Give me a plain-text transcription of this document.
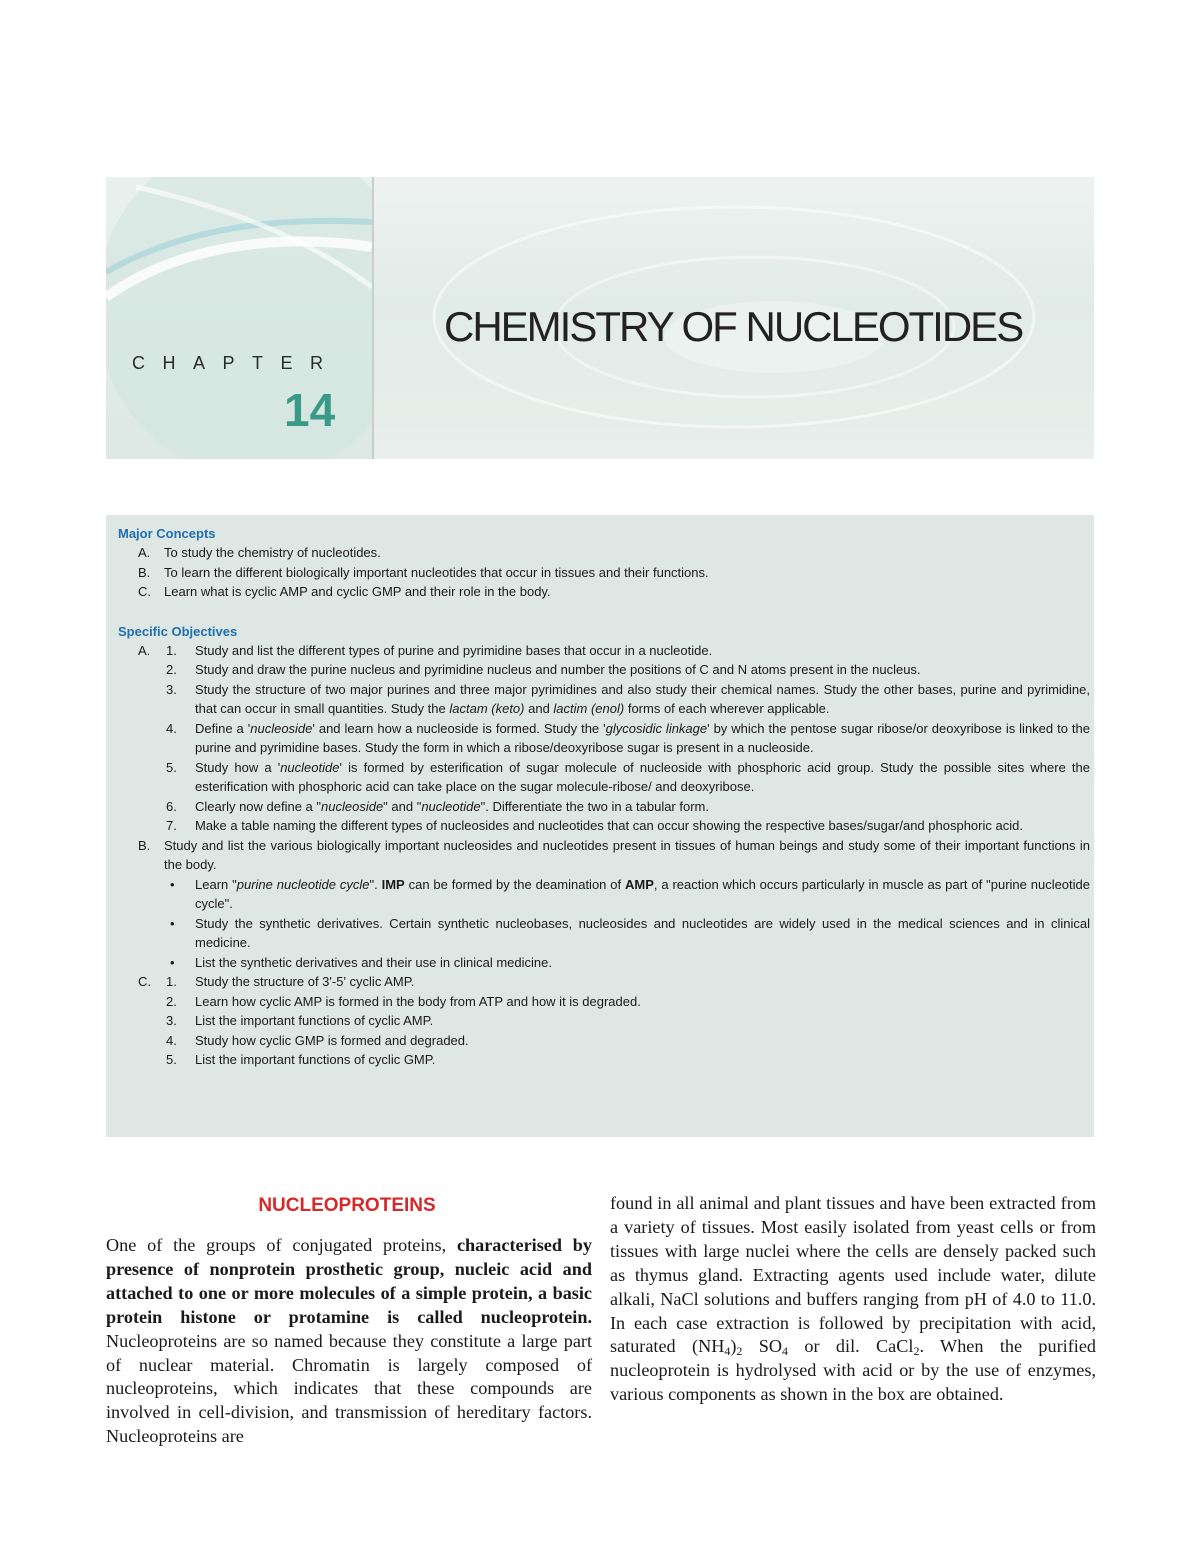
CHAPTER
14
CHEMISTRY OF NUCLEOTIDES
Major Concepts
A.	To study the chemistry of nucleotides.
B.	To learn the different biologically important nucleotides that occur in tissues and their functions.
C.	Learn what is cyclic AMP and cyclic GMP and their role in the body.
Specific Objectives
A. 1.	Study and list the different types of purine and pyrimidine bases that occur in a nucleotide.
2.	Study and draw the purine nucleus and pyrimidine nucleus and number the positions of C and N atoms present in the nucleus.
3.	Study the structure of two major purines and three major pyrimidines and also study their chemical names. Study the other bases, purine and pyrimidine, that can occur in small quantities. Study the lactam (keto) and lactim (enol) forms of each wherever applicable.
4.	Define a 'nucleoside' and learn how a nucleoside is formed. Study the 'glycosidic linkage' by which the pentose sugar ribose/or deoxyribose is linked to the purine and pyrimidine bases. Study the form in which a ribose/deoxyribose sugar is present in a nucleoside.
5.	Study how a 'nucleotide' is formed by esterification of sugar molecule of nucleoside with phosphoric acid group. Study the possible sites where the esterification with phosphoric acid can take place on the sugar molecule-ribose/ and deoxyribose.
6.	Clearly now define a "nucleoside" and "nucleotide". Differentiate the two in a tabular form.
7.	Make a table naming the different types of nucleosides and nucleotides that can occur showing the respective bases/sugar/and phosphoric acid.
B.	Study and list the various biologically important nucleosides and nucleotides present in tissues of human beings and study some of their important functions in the body.
•	Learn "purine nucleotide cycle". IMP can be formed by the deamination of AMP, a reaction which occurs particularly in muscle as part of "purine nucleotide cycle".
•	Study the synthetic derivatives. Certain synthetic nucleobases, nucleosides and nucleotides are widely used in the medical sciences and in clinical medicine.
•	List the synthetic derivatives and their use in clinical medicine.
C. 1.	Study the structure of 3'-5' cyclic AMP.
2.	Learn how cyclic AMP is formed in the body from ATP and how it is degraded.
3.	List the important functions of cyclic AMP.
4.	Study how cyclic GMP is formed and degraded.
5.	List the important functions of cyclic GMP.
NUCLEOPROTEINS
One of the groups of conjugated proteins, characterised by presence of nonprotein prosthetic group, nucleic acid and attached to one or more molecules of a simple protein, a basic protein histone or protamine is called nucleoprotein. Nucleoproteins are so named because they constitute a large part of nuclear material. Chromatin is largely composed of nucleoproteins, which indicates that these compounds are involved in cell-division, and transmission of hereditary factors. Nucleoproteins are
found in all animal and plant tissues and have been extracted from a variety of tissues. Most easily isolated from yeast cells or from tissues with large nuclei where the cells are densely packed such as thymus gland. Extracting agents used include water, dilute alkali, NaCl solutions and buffers ranging from pH of 4.0 to 11.0. In each case extraction is followed by precipitation with acid, saturated $(NH_4)_2$ $SO_4$ or dil. CaCl$_2$. When the purified nucleoprotein is hydrolysed with acid or by the use of enzymes, various components as shown in the box are obtained.
